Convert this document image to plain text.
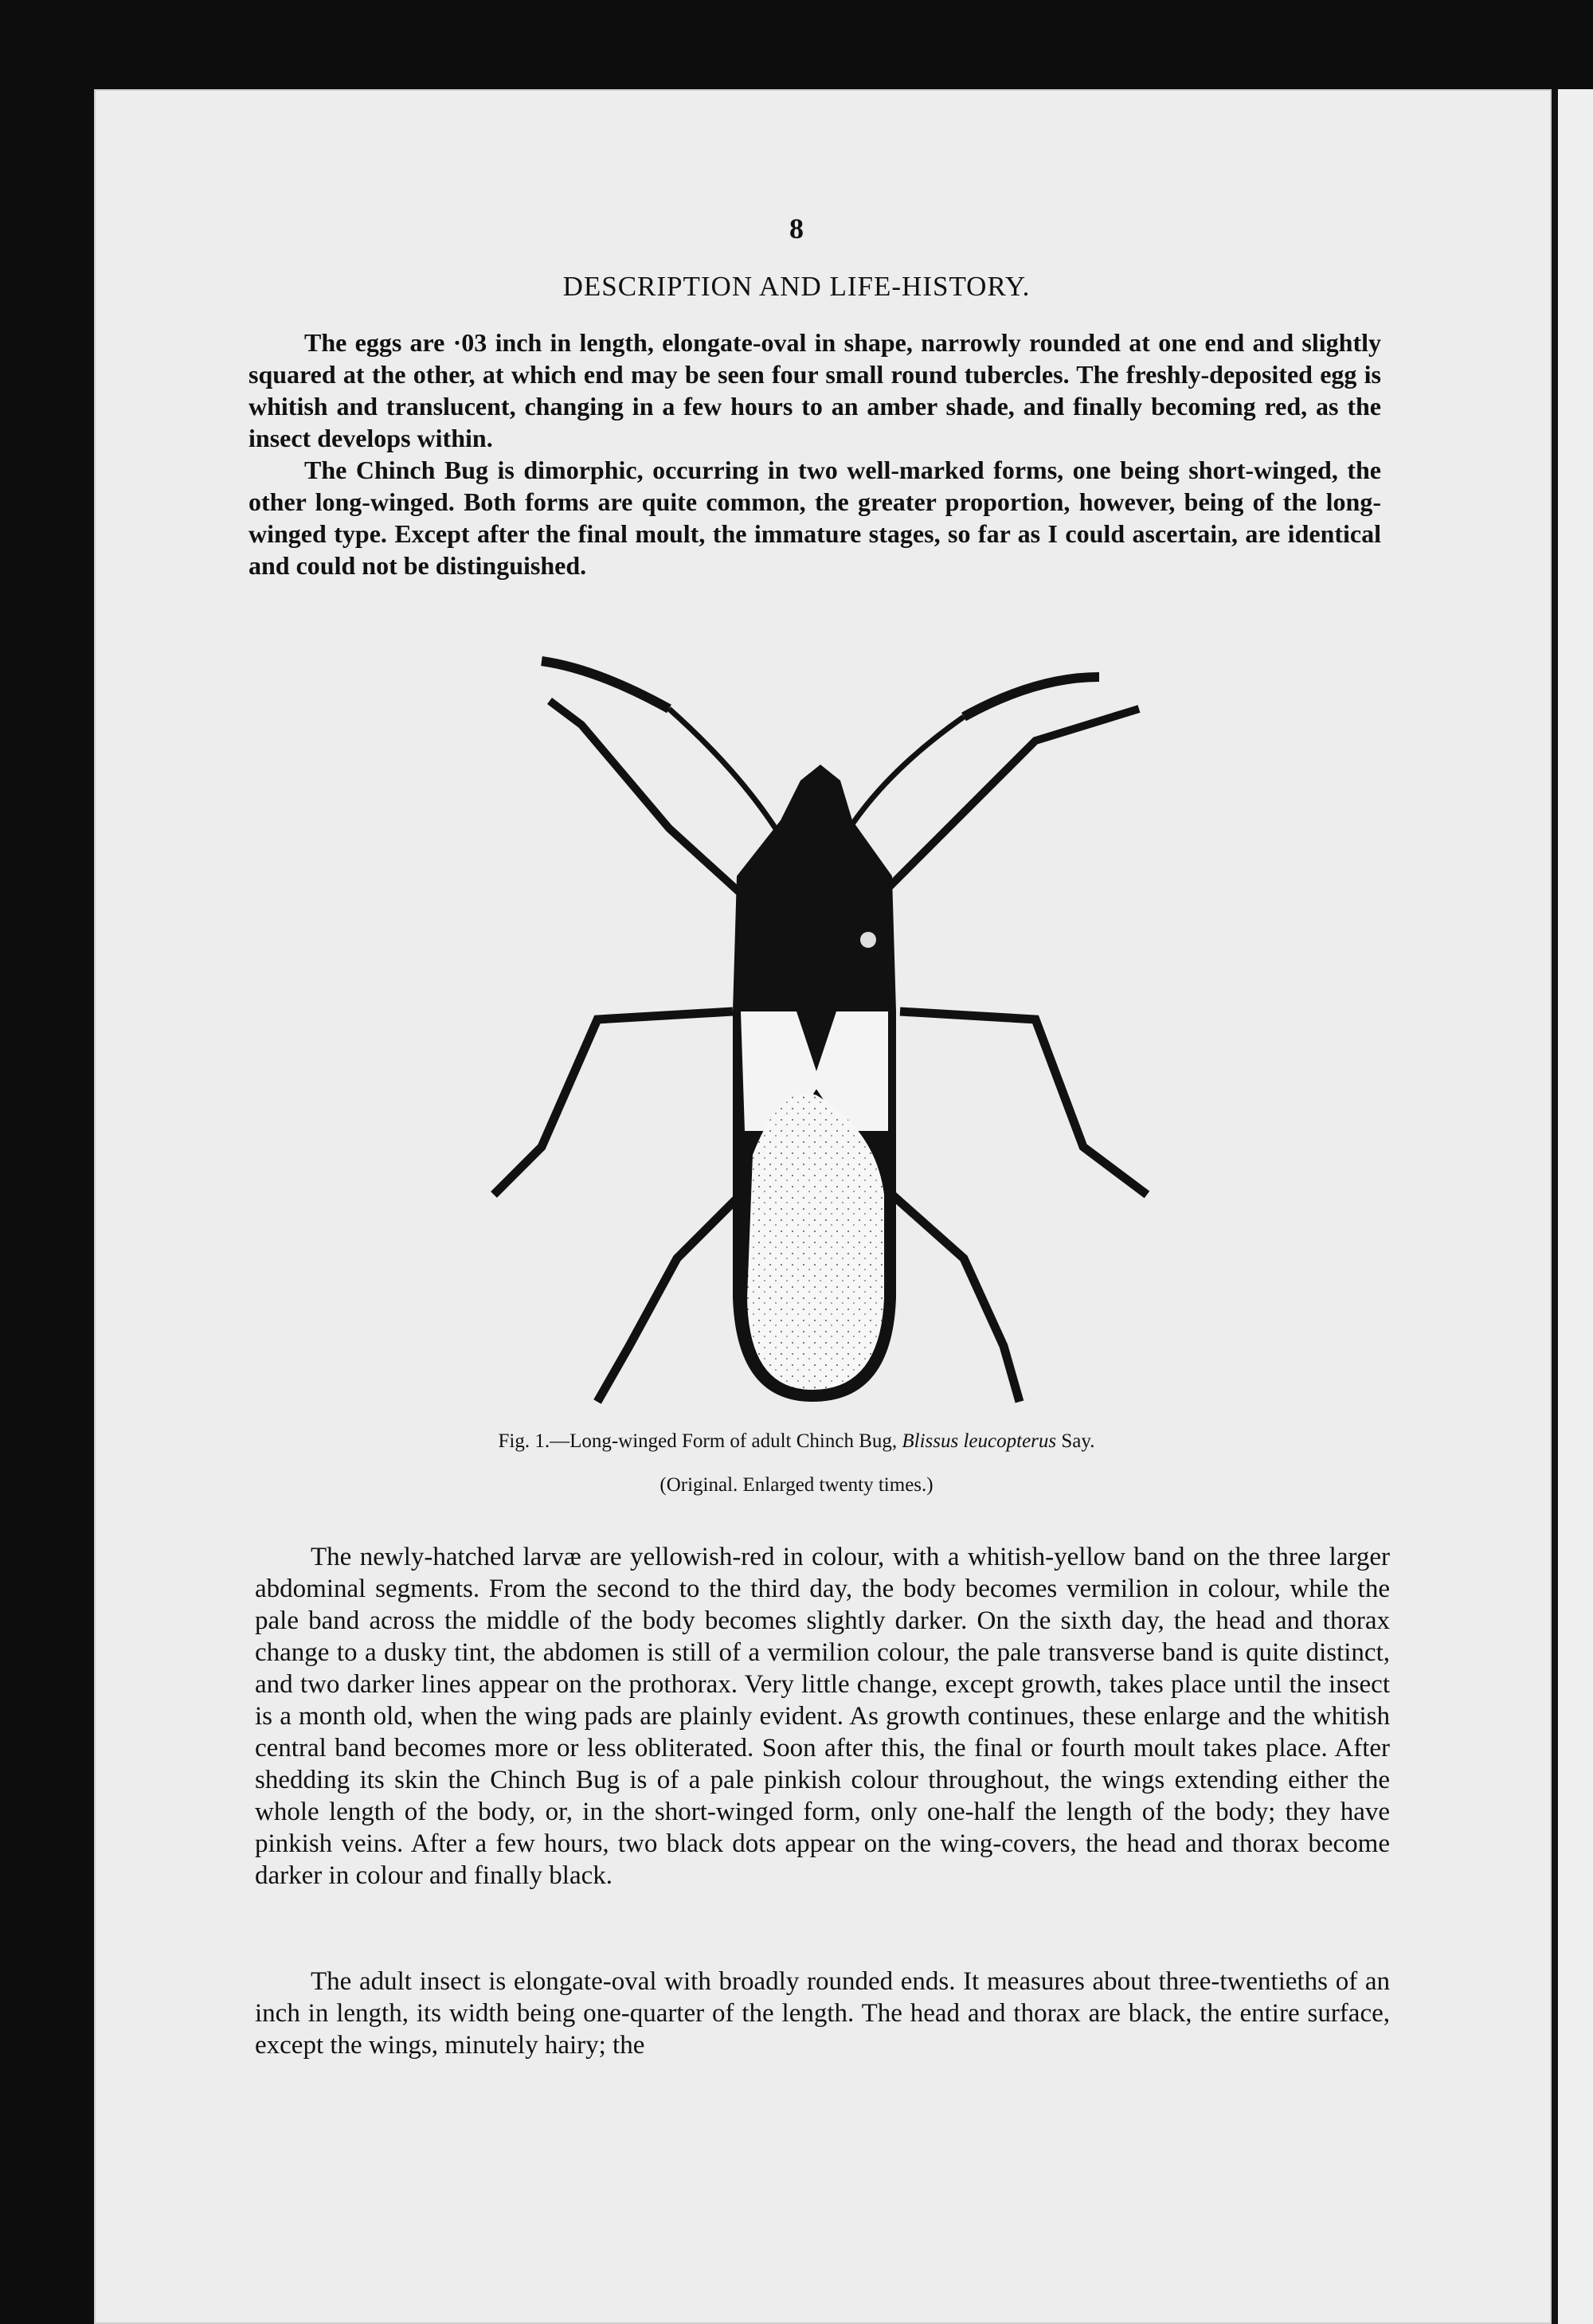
8
DESCRIPTION AND LIFE-HISTORY.

The eggs are ·03 inch in length, elongate-oval in shape, narrowly rounded at one end and slightly squared at the other, at which end may be seen four small round tubercles. The freshly-deposited egg is whitish and translucent, changing in a few hours to an amber shade, and finally becoming red, as the insect develops within.

The Chinch Bug is dimorphic, occurring in two well-marked forms, one being short-winged, the other long-winged. Both forms are quite common, the greater proportion, however, being of the long-winged type. Except after the final moult, the immature stages, so far as I could ascertain, are identical and could not be distinguished.

Fig. 1.—Long-winged Form of adult Chinch Bug, Blissus leucopterus Say.
(Original. Enlarged twenty times.)

The newly-hatched larvæ are yellowish-red in colour, with a whitish-yellow band on the three larger abdominal segments. From the second to the third day, the body becomes vermilion in colour, while the pale band across the middle of the body becomes slightly darker. On the sixth day, the head and thorax change to a dusky tint, the abdomen is still of a vermilion colour, the pale transverse band is quite distinct, and two darker lines appear on the prothorax. Very little change, except growth, takes place until the insect is a month old, when the wing pads are plainly evident. As growth continues, these enlarge and the whitish central band becomes more or less obliterated. Soon after this, the final or fourth moult takes place. After shedding its skin the Chinch Bug is of a pale pinkish colour throughout, the wings extending either the whole length of the body, or, in the short-winged form, only one-half the length of the body; they have pinkish veins. After a few hours, two black dots appear on the wing-covers, the head and thorax become darker in colour and finally black.

The adult insect is elongate-oval with broadly rounded ends. It measures about three-twentieths of an inch in length, its width being one-quarter of the length. The head and thorax are black, the entire surface, except the wings, minutely hairy; the
